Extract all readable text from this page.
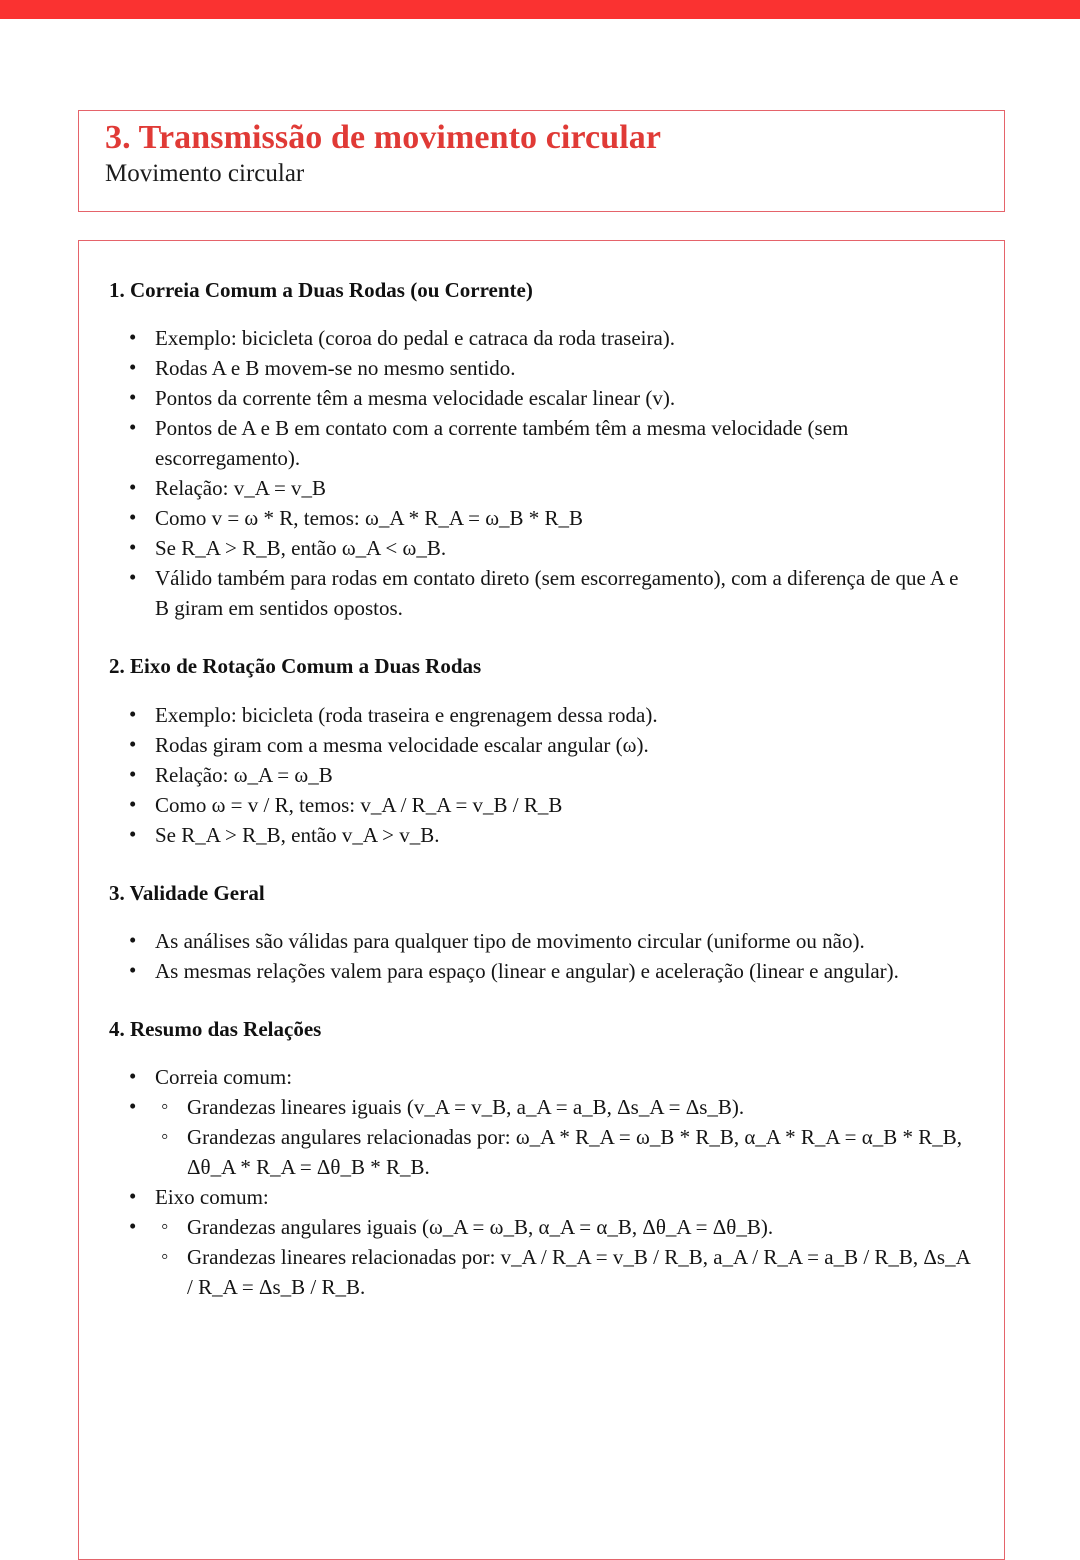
3. Transmissão de movimento circular
Movimento circular
1. Correia Comum a Duas Rodas (ou Corrente)
• Exemplo: bicicleta (coroa do pedal e catraca da roda traseira).
• Rodas A e B movem-se no mesmo sentido.
• Pontos da corrente têm a mesma velocidade escalar linear (v).
• Pontos de A e B em contato com a corrente também têm a mesma velocidade (sem escorregamento).
• Relação: v_A = v_B
• Como v = ω * R, temos: ω_A * R_A = ω_B * R_B
• Se R_A > R_B, então ω_A < ω_B.
• Válido também para rodas em contato direto (sem escorregamento), com a diferença de que A e B giram em sentidos opostos.
2. Eixo de Rotação Comum a Duas Rodas
• Exemplo: bicicleta (roda traseira e engrenagem dessa roda).
• Rodas giram com a mesma velocidade escalar angular (ω).
• Relação: ω_A = ω_B
• Como ω = v / R, temos: v_A / R_A = v_B / R_B
• Se R_A > R_B, então v_A > v_B.
3. Validade Geral
• As análises são válidas para qualquer tipo de movimento circular (uniforme ou não).
• As mesmas relações valem para espaço (linear e angular) e aceleração (linear e angular).
4. Resumo das Relações
• Correia comum:
◦ • Grandezas lineares iguais (v_A = v_B, a_A = a_B, Δs_A = Δs_B).
◦ Grandezas angulares relacionadas por: ω_A * R_A = ω_B * R_B, α_A * R_A = α_B * R_B, Δθ_A * R_A = Δθ_B * R_B.
• Eixo comum:
◦ • Grandezas angulares iguais (ω_A = ω_B, α_A = α_B, Δθ_A = Δθ_B).
◦ Grandezas lineares relacionadas por: v_A / R_A = v_B / R_B, a_A / R_A = a_B / R_B, Δs_A / R_A = Δs_B / R_B.
